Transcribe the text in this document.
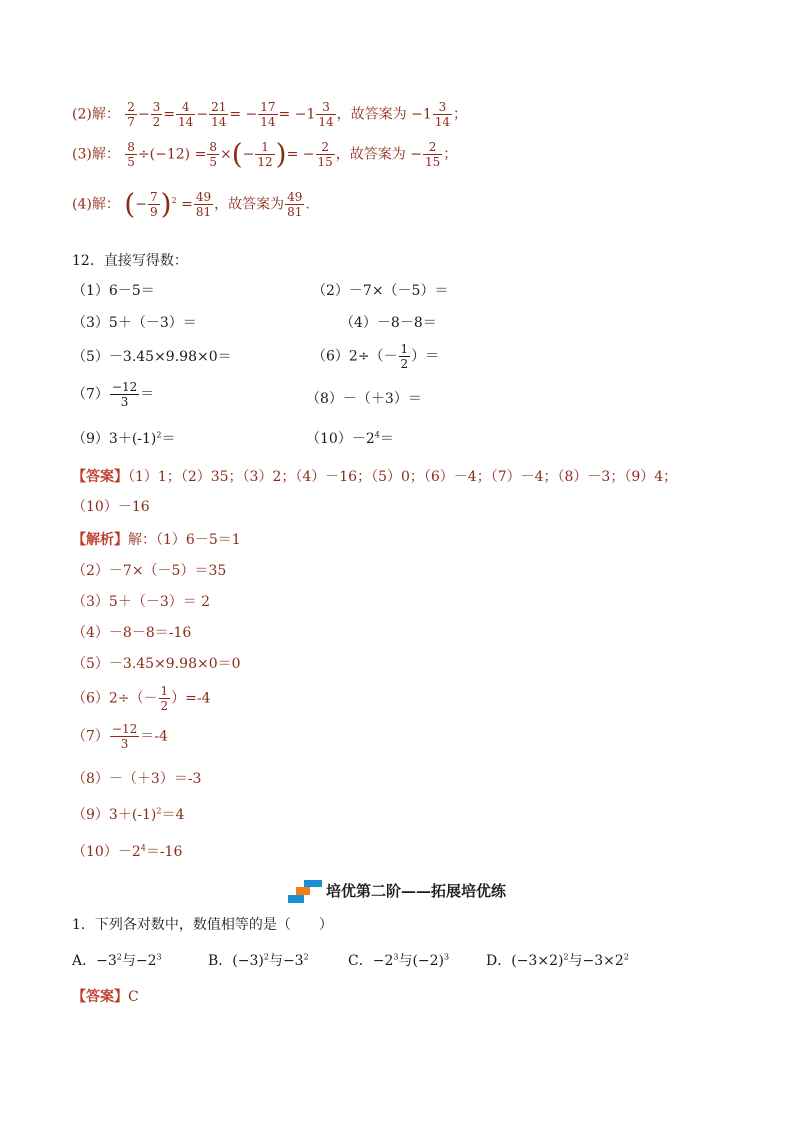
(2)解： $\frac{2}{7} - \frac{3}{2} = \frac{4}{14} - \frac{21}{14}$ = − $\frac{17}{14} = -1 \frac{3}{14}$ ，故答案为 $-1 \frac{3}{14}$ ；
(3)解： $\frac{8}{5} \div(-12) = \frac{8}{5}$ ×(− $\frac{1}{12}$ )= − $\frac{2}{15}$ ，故答案为 − $\frac{2}{15}$ ；
(4)解： (− $\frac{7}{9} )^2 = \frac{49}{81}$ ，故答案为 $\frac{49}{81}$ .
12．直接写得数：
（1）6－5＝	（2）－7×（－5）＝
（3）5＋（－3）＝	（4）－8－8＝
（5）－3.45×9.98×0＝	$(6)2\div(- \frac{1}{2}$ ）＝
$(7) \frac{-12}{3}$ ＝	（8）－（＋3）＝
$(9)3+(-1)^2=$	$(10)-2^4=$
【答案】（1）1；（2）35；（3）2；（4）－16；（5）0；（6）－4；（7）－4；（8）－3；（9）4；
（10）－16
【解析】解：（1）6－5＝1
（2）－7×（－5）＝35
（3）5＋（－3）＝ 2
（4）－8－8＝-16
（5）－3.45×9.98×0＝0
$(6)2\div(- \frac{1}{2} )=-4$
$(7) \frac{-12}{3} =-4$
（8）－（＋3）＝-3
$(9)3+(-1)^2=4$
$(10)-2^4=-16$
培优第二阶——拓展培优练
1．下列各对数中，数值相等的是（　　）
A．$-3^2$与$-2^3$	B．$(-3)^2$与$-3^2$	C．$-2^3$与$(-2)^3$	D．$(-3\times 2)^2$与$-3\times 2^2$
【答案】C
